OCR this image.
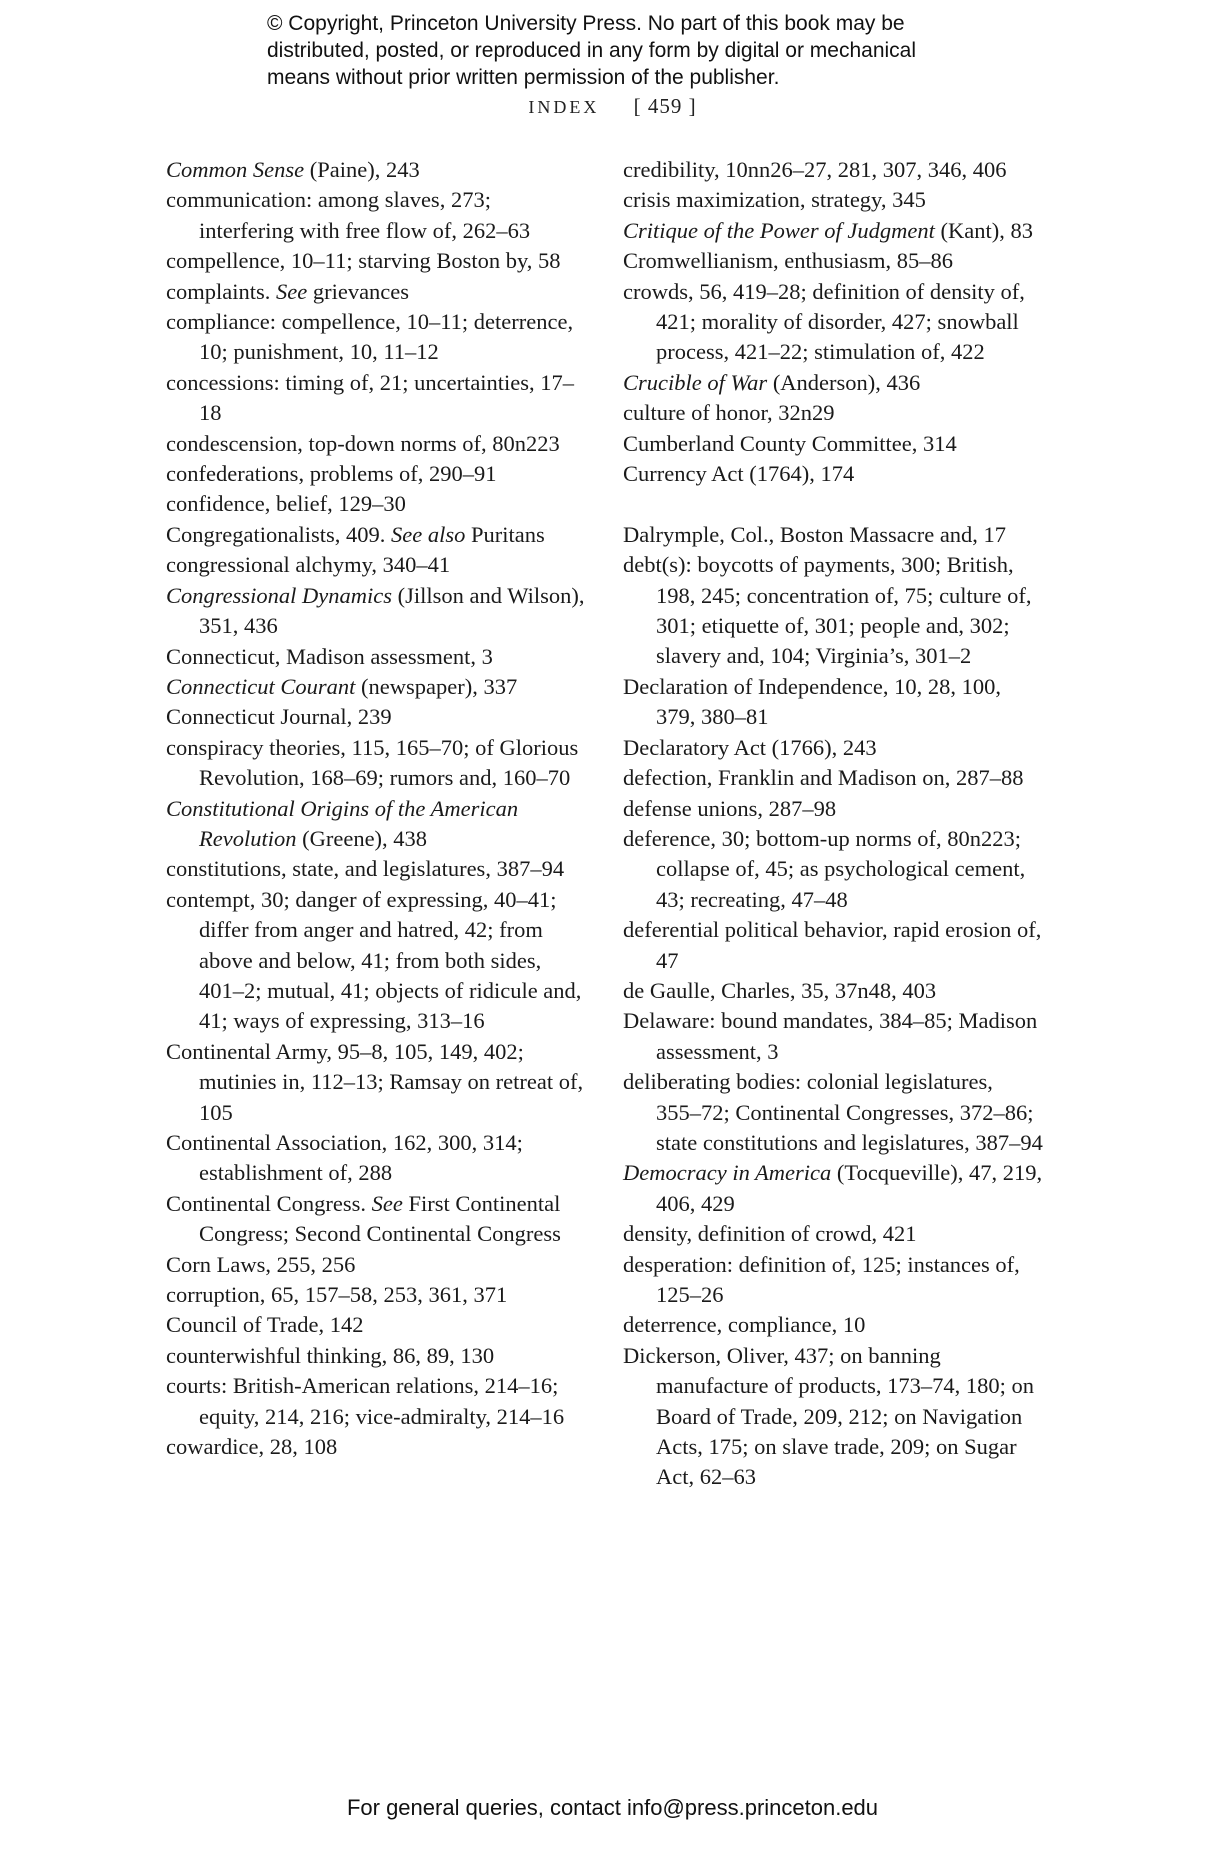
© Copyright, Princeton University Press. No part of this book may be
distributed, posted, or reproduced in any form by digital or mechanical
means without prior written permission of the publisher.
INDEX [ 459 ]
Common Sense (Paine), 243
communication: among slaves, 273; interfering with free flow of, 262–63
compellence, 10–11; starving Boston by, 58
complaints. See grievances
compliance: compellence, 10–11; deterrence, 10; punishment, 10, 11–12
concessions: timing of, 21; uncertainties, 17–18
condescension, top-down norms of, 80n223
confederations, problems of, 290–91
confidence, belief, 129–30
Congregationalists, 409. See also Puritans
congressional alchymy, 340–41
Congressional Dynamics (Jillson and Wilson), 351, 436
Connecticut, Madison assessment, 3
Connecticut Courant (newspaper), 337
Connecticut Journal, 239
conspiracy theories, 115, 165–70; of Glorious Revolution, 168–69; rumors and, 160–70
Constitutional Origins of the American Revolution (Greene), 438
constitutions, state, and legislatures, 387–94
contempt, 30; danger of expressing, 40–41; differ from anger and hatred, 42; from above and below, 41; from both sides, 401–2; mutual, 41; objects of ridicule and, 41; ways of expressing, 313–16
Continental Army, 95–8, 105, 149, 402; mutinies in, 112–13; Ramsay on retreat of, 105
Continental Association, 162, 300, 314; establishment of, 288
Continental Congress. See First Continental Congress; Second Continental Congress
Corn Laws, 255, 256
corruption, 65, 157–58, 253, 361, 371
Council of Trade, 142
counterwishful thinking, 86, 89, 130
courts: British-American relations, 214–16; equity, 214, 216; vice-admiralty, 214–16
cowardice, 28, 108
credibility, 10nn26–27, 281, 307, 346, 406
crisis maximization, strategy, 345
Critique of the Power of Judgment (Kant), 83
Cromwellianism, enthusiasm, 85–86
crowds, 56, 419–28; definition of density of, 421; morality of disorder, 427; snowball process, 421–22; stimulation of, 422
Crucible of War (Anderson), 436
culture of honor, 32n29
Cumberland County Committee, 314
Currency Act (1764), 174
Dalrymple, Col., Boston Massacre and, 17
debt(s): boycotts of payments, 300; British, 198, 245; concentration of, 75; culture of, 301; etiquette of, 301; people and, 302; slavery and, 104; Virginia’s, 301–2
Declaration of Independence, 10, 28, 100, 379, 380–81
Declaratory Act (1766), 243
defection, Franklin and Madison on, 287–88
defense unions, 287–98
deference, 30; bottom-up norms of, 80n223; collapse of, 45; as psychological cement, 43; recreating, 47–48
deferential political behavior, rapid erosion of, 47
de Gaulle, Charles, 35, 37n48, 403
Delaware: bound mandates, 384–85; Madison assessment, 3
deliberating bodies: colonial legislatures, 355–72; Continental Congresses, 372–86; state constitutions and legislatures, 387–94
Democracy in America (Tocqueville), 47, 219, 406, 429
density, definition of crowd, 421
desperation: definition of, 125; instances of, 125–26
deterrence, compliance, 10
Dickerson, Oliver, 437; on banning manufacture of products, 173–74, 180; on Board of Trade, 209, 212; on Navigation Acts, 175; on slave trade, 209; on Sugar Act, 62–63
For general queries, contact info@press.princeton.edu
